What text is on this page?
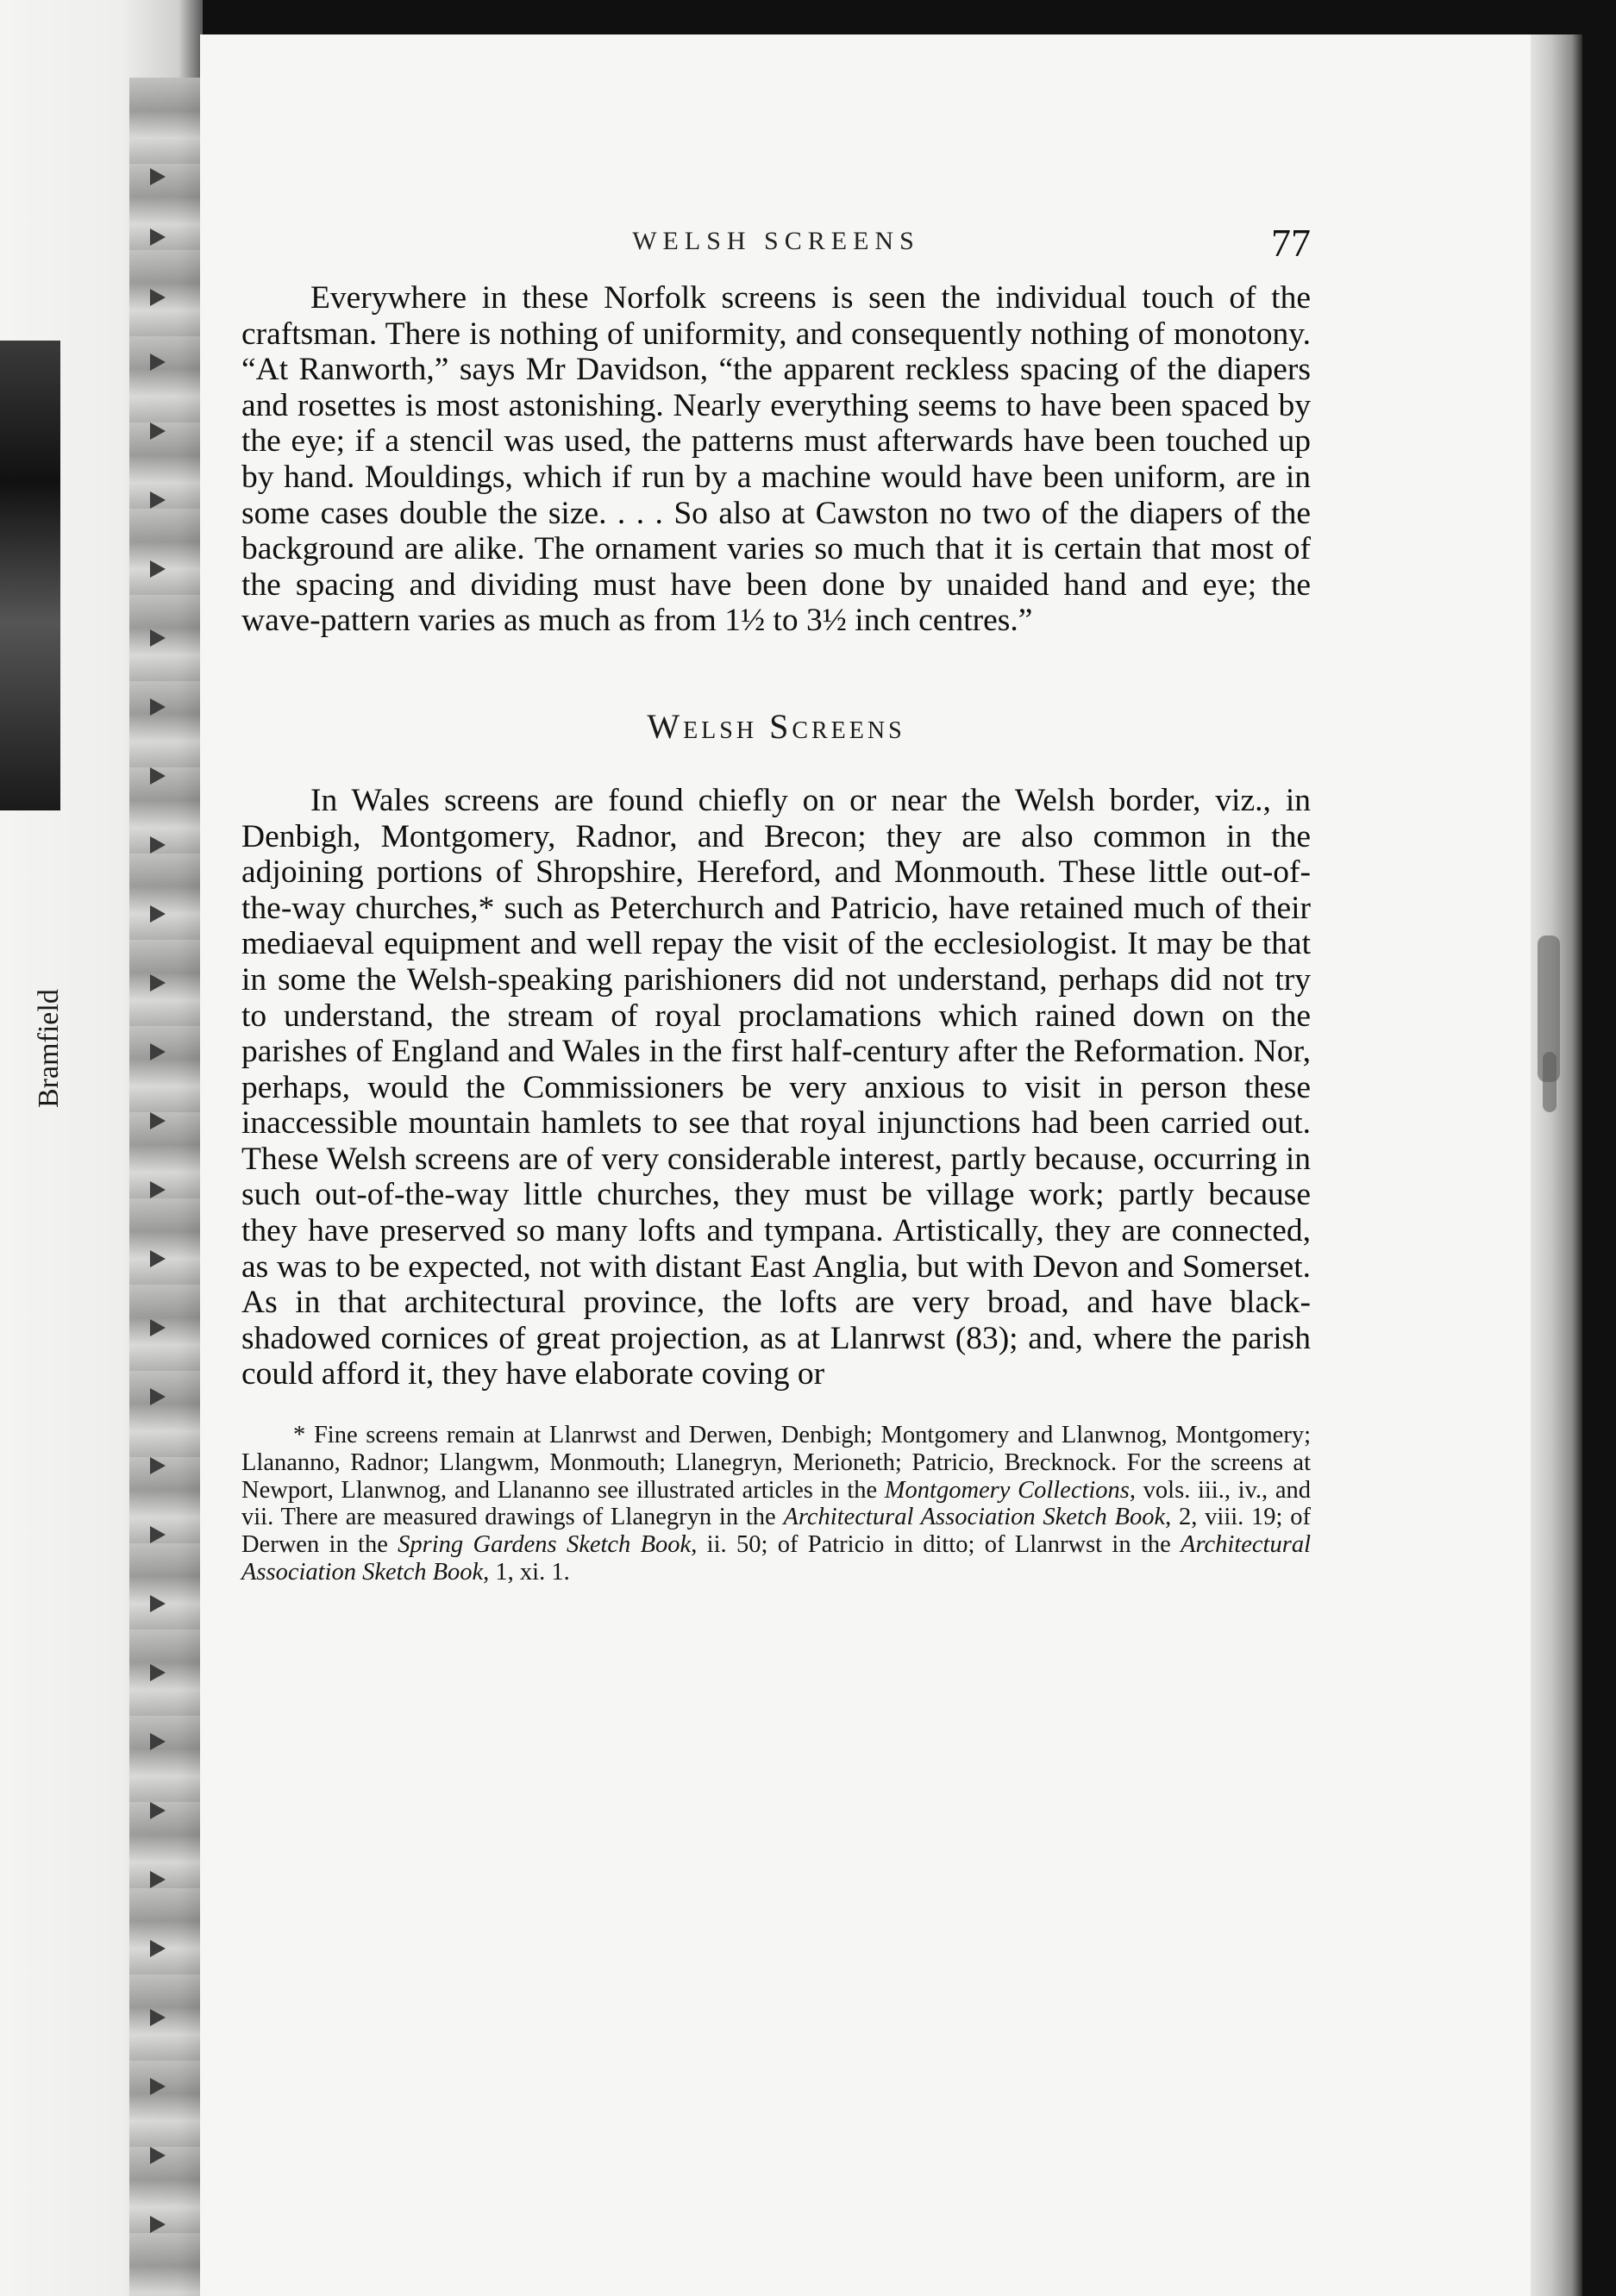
Bramfield
WELSH SCREENS	77

Everywhere in these Norfolk screens is seen the individual touch of the craftsman. There is nothing of uniformity, and consequently nothing of monotony. “At Ranworth,” says Mr Davidson, “the apparent reckless spacing of the diapers and rosettes is most astonishing. Nearly everything seems to have been spaced by the eye; if a stencil was used, the patterns must afterwards have been touched up by hand. Mouldings, which if run by a machine would have been uniform, are in some cases double the size. . . . So also at Cawston no two of the diapers of the background are alike. The ornament varies so much that it is certain that most of the spacing and dividing must have been done by unaided hand and eye; the wave-pattern varies as much as from 1½ to 3½ inch centres.”

Welsh Screens

In Wales screens are found chiefly on or near the Welsh border, viz., in Denbigh, Montgomery, Radnor, and Brecon; they are also common in the adjoining portions of Shropshire, Hereford, and Monmouth. These little out-of-the-way churches,* such as Peterchurch and Patricio, have retained much of their mediaeval equipment and well repay the visit of the ecclesiologist. It may be that in some the Welsh-speaking parishioners did not understand, perhaps did not try to understand, the stream of royal proclamations which rained down on the parishes of England and Wales in the first half-century after the Reformation. Nor, perhaps, would the Commissioners be very anxious to visit in person these inaccessible mountain hamlets to see that royal injunctions had been carried out. These Welsh screens are of very considerable interest, partly because, occurring in such out-of-the-way little churches, they must be village work; partly because they have preserved so many lofts and tympana. Artistically, they are connected, as was to be expected, not with distant East Anglia, but with Devon and Somerset. As in that architectural province, the lofts are very broad, and have black-shadowed cornices of great projection, as at Llanrwst (83); and, where the parish could afford it, they have elaborate coving or

* Fine screens remain at Llanrwst and Derwen, Denbigh; Montgomery and Llanwnog, Montgomery; Llananno, Radnor; Llangwm, Monmouth; Llanegryn, Merioneth; Patricio, Brecknock. For the screens at Newport, Llanwnog, and Llananno see illustrated articles in the Montgomery Collections, vols. iii., iv., and vii. There are measured drawings of Llanegryn in the Architectural Association Sketch Book, 2, viii. 19; of Derwen in the Spring Gardens Sketch Book, ii. 50; of Patricio in ditto; of Llanrwst in the Architectural Association Sketch Book, 1, xi. 1.
